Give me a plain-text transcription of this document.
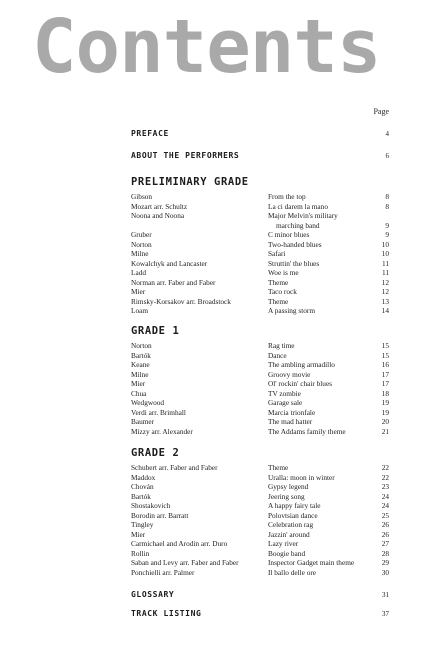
Contents
Page
PREFACE	4
ABOUT THE PERFORMERS	6
PRELIMINARY GRADE
Gibson	From the top	8
Mozart arr. Schultz	La ci darem la mano	8
Noona and Noona	Major Melvin's military
marching band	9
Gruber	C minor blues	9
Norton	Two-handed blues	10
Milne	Safari	10
Kowalchyk and Lancaster	Struttin' the blues	11
Ladd	Woe is me	11
Norman arr. Faber and Faber	Theme	12
Mier	Taco rock	12
Rimsky-Korsakov arr. Broadstock	Theme	13
Loam	A passing storm	14
GRADE 1
Norton	Rag time	15
Bartók	Dance	15
Keane	The ambling armadillo	16
Milne	Groovy movie	17
Mier	Ol' rockin' chair blues	17
Chua	TV zombie	18
Wedgwood	Garage sale	19
Verdi arr. Brimhall	Marcia trionfale	19
Baumer	The mad hatter	20
Mizzy arr. Alexander	The Addams family theme	21
GRADE 2
Schubert arr. Faber and Faber	Theme	22
Maddox	Uralla: moon in winter	22
Chován	Gypsy legend	23
Bartók	Jeering song	24
Shostakovich	A happy fairy tale	24
Borodin arr. Barratt	Polovtsian dance	25
Tingley	Celebration rag	26
Mier	Jazzin' around	26
Carmichael and Arodin arr. Duro	Lazy river	27
Rollin	Boogie band	28
Saban and Levy arr. Faber and Faber	Inspector Gadget main theme	29
Ponchielli arr. Palmer	Il ballo delle ore	30
GLOSSARY	31
TRACK LISTING	37
